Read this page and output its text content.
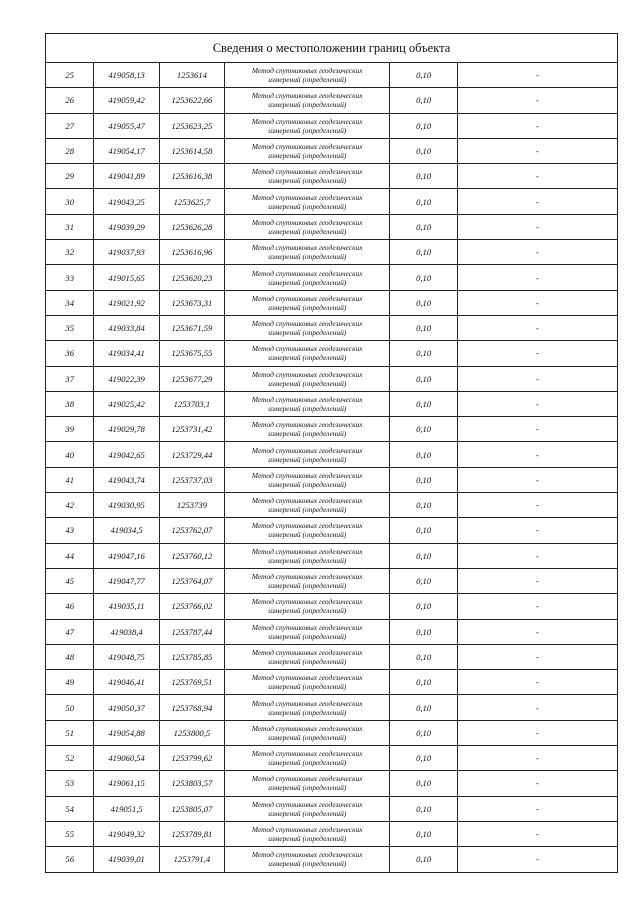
Сведения о местоположении границ объекта					
25	419058,13	1253614	Метод спутниковых геодезических
измерений (определений)	0,10	-
26	419059,42	1253622,66	Метод спутниковых геодезических
измерений (определений)	0,10	-
27	419055,47	1253623,25	Метод спутниковых геодезических
измерений (определений)	0,10	-
28	419054,17	1253614,58	Метод спутниковых геодезических
измерений (определений)	0,10	-
29	419041,89	1253616,38	Метод спутниковых геодезических
измерений (определений)	0,10	-
30	419043,25	1253625,7	Метод спутниковых геодезических
измерений (определений)	0,10	-
31	419039,29	1253626,28	Метод спутниковых геодезических
измерений (определений)	0,10	-
32	419037,93	1253616,96	Метод спутниковых геодезических
измерений (определений)	0,10	-
33	419015,65	1253620,23	Метод спутниковых геодезических
измерений (определений)	0,10	-
34	419021,92	1253673,31	Метод спутниковых геодезических
измерений (определений)	0,10	-
35	419033,84	1253671,59	Метод спутниковых геодезических
измерений (определений)	0,10	-
36	419034,41	1253675,55	Метод спутниковых геодезических
измерений (определений)	0,10	-
37	419022,39	1253677,29	Метод спутниковых геодезических
измерений (определений)	0,10	-
38	419025,42	1253703,1	Метод спутниковых геодезических
измерений (определений)	0,10	-
39	419029,78	1253731,42	Метод спутниковых геодезических
измерений (определений)	0,10	-
40	419042,65	1253729,44	Метод спутниковых геодезических
измерений (определений)	0,10	-
41	419043,74	1253737,03	Метод спутниковых геодезических
измерений (определений)	0,10	-
42	419030,95	1253739	Метод спутниковых геодезических
измерений (определений)	0,10	-
43	419034,5	1253762,07	Метод спутниковых геодезических
измерений (определений)	0,10	-
44	419047,16	1253760,12	Метод спутниковых геодезических
измерений (определений)	0,10	-
45	419047,77	1253764,07	Метод спутниковых геодезических
измерений (определений)	0,10	-
46	419035,11	1253766,02	Метод спутниковых геодезических
измерений (определений)	0,10	-
47	419038,4	1253787,44	Метод спутниковых геодезических
измерений (определений)	0,10	-
48	419048,75	1253785,85	Метод спутниковых геодезических
измерений (определений)	0,10	-
49	419046,41	1253769,51	Метод спутниковых геодезических
измерений (определений)	0,10	-
50	419050,37	1253768,94	Метод спутниковых геодезических
измерений (определений)	0,10	-
51	419054,88	1253800,5	Метод спутниковых геодезических
измерений (определений)	0,10	-
52	419060,54	1253799,62	Метод спутниковых геодезических
измерений (определений)	0,10	-
53	419061,15	1253803,57	Метод спутниковых геодезических
измерений (определений)	0,10	-
54	419051,5	1253805,07	Метод спутниковых геодезических
измерений (определений)	0,10	-
55	419049,32	1253789,81	Метод спутниковых геодезических
измерений (определений)	0,10	-
56	419039,01	1253791,4	Метод спутниковых геодезических
измерений (определений)	0,10	-
